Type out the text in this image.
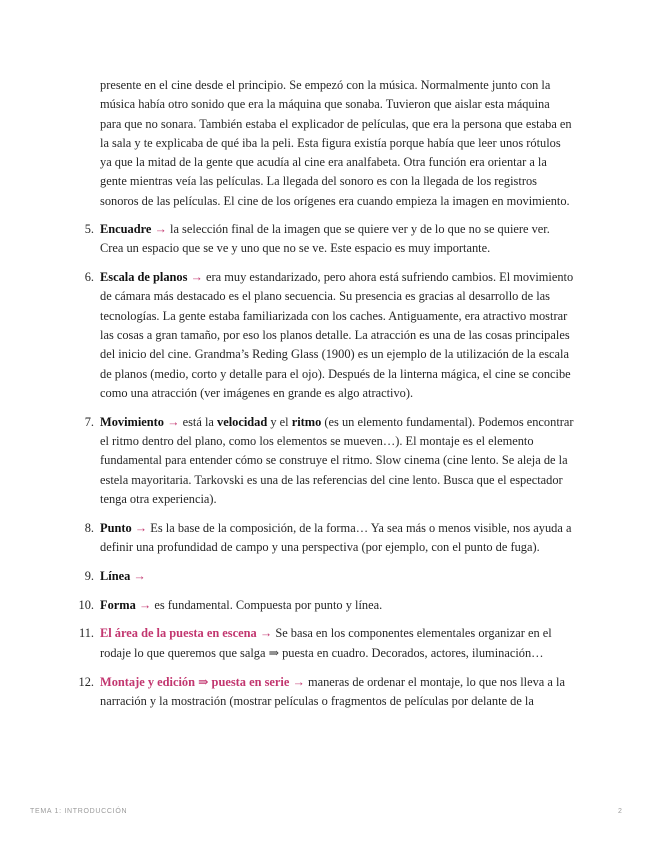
presente en el cine desde el principio. Se empezó con la música. Normalmente junto con la música había otro sonido que era la máquina que sonaba. Tuvieron que aislar esta máquina para que no sonara. También estaba el explicador de películas, que era la persona que estaba en la sala y te explicaba de qué iba la peli. Esta figura existía porque había que leer unos rótulos ya que la mitad de la gente que acudía al cine era analfabeta. Otra función era orientar a la gente mientras veía las películas. La llegada del sonoro es con la llegada de los registros sonoros de las películas. El cine de los orígenes era cuando empieza la imagen en movimiento.

5. Encuadre → la selección final de la imagen que se quiere ver y de lo que no se quiere ver. Crea un espacio que se ve y uno que no se ve. Este espacio es muy importante.
6. Escala de planos → era muy estandarizado, pero ahora está sufriendo cambios. El movimiento de cámara más destacado es el plano secuencia. Su presencia es gracias al desarrollo de las tecnologías. La gente estaba familiarizada con los caches. Antiguamente, era atractivo mostrar las cosas a gran tamaño, por eso los planos detalle. La atracción es una de las cosas principales del inicio del cine. Grandma’s Reding Glass (1900) es un ejemplo de la utilización de la escala de planos (medio, corto y detalle para el ojo). Después de la linterna mágica, el cine se concibe como una atracción (ver imágenes en grande es algo atractivo).
7. Movimiento → está la velocidad y el ritmo (es un elemento fundamental). Podemos encontrar el ritmo dentro del plano, como los elementos se mueven…). El montaje es el elemento fundamental para entender cómo se construye el ritmo. Slow cinema (cine lento. Se aleja de la estela mayoritaria. Tarkovski es una de las referencias del cine lento. Busca que el espectador tenga otra experiencia).
8. Punto → Es la base de la composición, de la forma… Ya sea más o menos visible, nos ayuda a definir una profundidad de campo y una perspectiva (por ejemplo, con el punto de fuga).
9. Línea →
10. Forma → es fundamental. Compuesta por punto y línea.
11. El área de la puesta en escena → Se basa en los componentes elementales organizar en el rodaje lo que queremos que salga ⇒ puesta en cuadro. Decorados, actores, iluminación…
12. Montaje y edición ⇒ puesta en serie → maneras de ordenar el montaje, lo que nos lleva a la narración y la mostración (mostrar películas o fragmentos de películas por delante de la
TEMA 1: INTRODUCCIÓN	2
